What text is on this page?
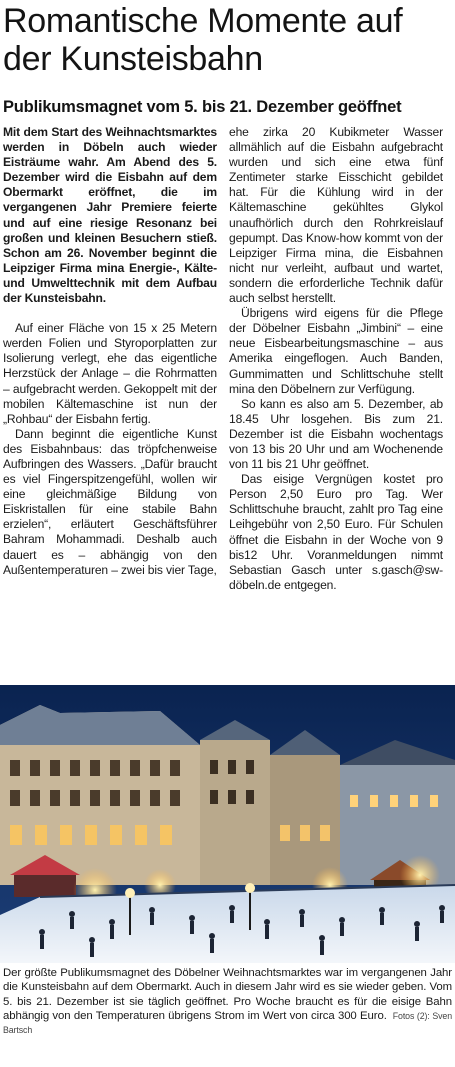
Romantische Momente auf der Kunsteisbahn
Publikumsmagnet vom 5. bis 21. Dezember geöffnet

Mit dem Start des Weihnachtsmarktes werden in Döbeln auch wieder Eisträume wahr. Am Abend des 5. Dezember wird die Eisbahn auf dem Obermarkt eröffnet, die im vergangenen Jahr Premiere feierte und auf eine riesige Resonanz bei großen und kleinen Besuchern stieß. Schon am 26. November beginnt die Leipziger Firma mina Energie-, Kälte- und Umwelttechnik mit dem Aufbau der Kunsteisbahn.

Auf einer Fläche von 15 x 25 Metern werden Folien und Styroporplatten zur Isolierung verlegt, ehe das eigentliche Herzstück der Anlage – die Rohrmatten – aufgebracht werden. Gekoppelt mit der mobilen Kältemaschine ist nun der „Rohbau“ der Eisbahn fertig.

Dann beginnt die eigentliche Kunst des Eisbahnbaus: das tröpfchenweise Aufbringen des Wassers. „Dafür braucht es viel Fingerspitzengefühl, wollen wir eine gleichmäßige Bildung von Eiskristallen für eine stabile Bahn erzielen“, erläutert Geschäftsführer Bahram Mohammadi. Deshalb auch dauert es – abhängig von den Außentemperaturen – zwei bis vier Tage,

ehe zirka 20 Kubikmeter Wasser allmählich auf die Eisbahn aufgebracht wurden und sich eine etwa fünf Zentimeter starke Eisschicht gebildet hat. Für die Kühlung wird in der Kältemaschine gekühltes Glykol unaufhörlich durch den Rohrkreislauf gepumpt. Das Know-how kommt von der Leipziger Firma mina, die Eisbahnen nicht nur verleiht, aufbaut und wartet, sondern die erforderliche Technik dafür auch selbst herstellt.

Übrigens wird eigens für die Pflege der Döbelner Eisbahn „Jimbini“ – eine neue Eisbearbeitungsmaschine – aus Amerika eingeflogen. Auch Banden, Gummimatten und Schlittschuhe stellt mina den Döbelnern zur Verfügung.

So kann es also am 5. Dezember, ab 18.45 Uhr losgehen. Bis zum 21. Dezember ist die Eisbahn wochentags von 13 bis 20 Uhr und am Wochenende von 11 bis 21 Uhr geöffnet.

Das eisige Vergnügen kostet pro Person 2,50 Euro pro Tag. Wer Schlittschuhe braucht, zahlt pro Tag eine Leihgebühr von 2,50 Euro. Für Schulen öffnet die Eisbahn in der Woche von 9 bis12 Uhr. Voranmeldungen nimmt Sebastian Gasch unter s.gasch@sw-döbeln.de entgegen.

Der größte Publikumsmagnet des Döbelner Weihnachtsmarktes war im vergangenen Jahr die Kunsteisbahn auf dem Obermarkt. Auch in diesem Jahr wird es sie wieder geben. Vom 5. bis 21. Dezember ist sie täglich geöffnet. Pro Woche braucht es für die eisige Bahn abhängig von den Temperaturen übrigens Strom im Wert von circa 300 Euro. Fotos (2): Sven Bartsch
